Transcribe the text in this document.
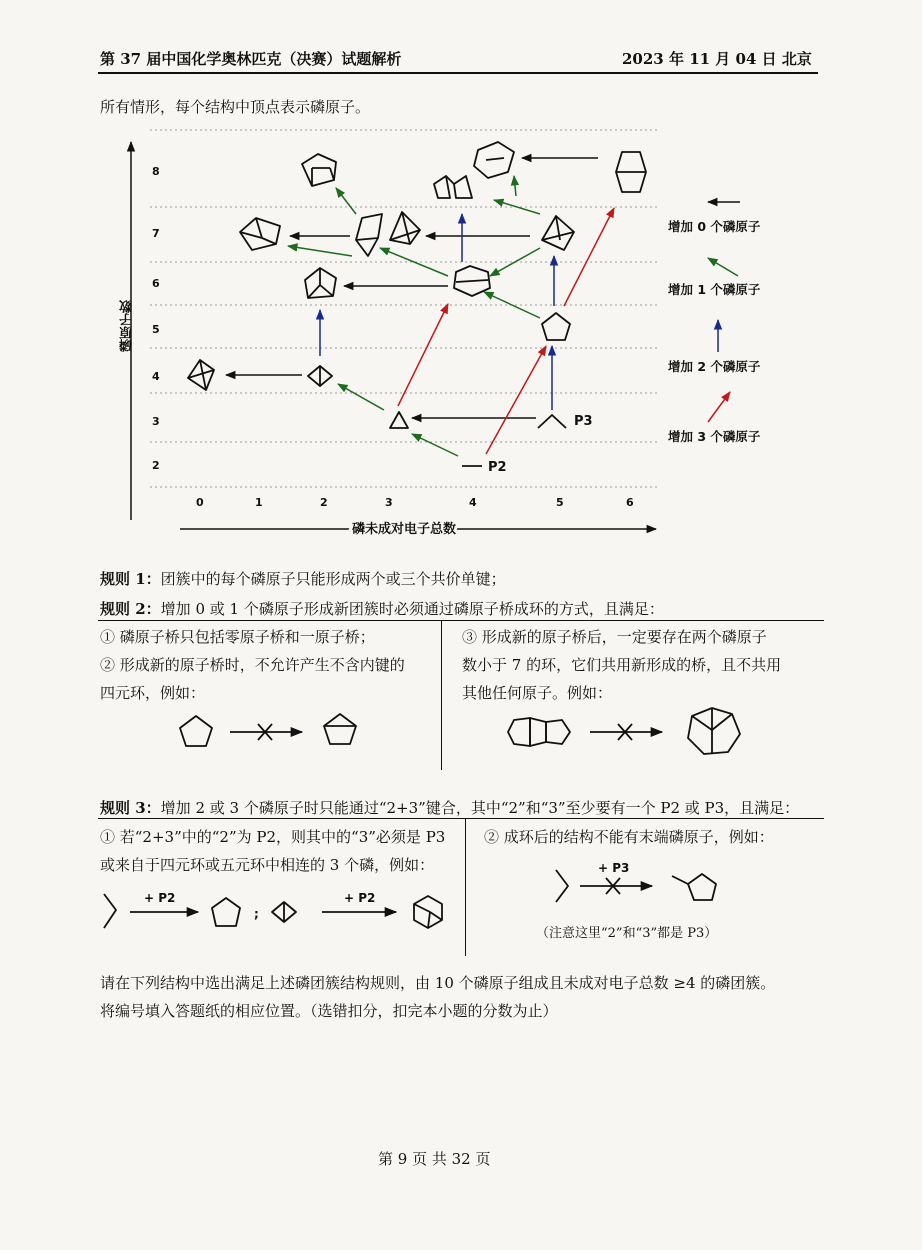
第 37 届中国化学奥林匹克（决赛）试题解析	2023 年 11 月 04 日 北京
所有情形，每个结构中顶点表示磷原子。
磷原子数
8
7
6
5
4
3
2
0	1	2	3	4	5	6
磷未成对电子总数
P2
P3
增加 0 个磷原子
增加 1 个磷原子
增加 2 个磷原子
增加 3 个磷原子
规则 1：团簇中的每个磷原子只能形成两个或三个共价单键；
规则 2：增加 0 或 1 个磷原子形成新团簇时必须通过磷原子桥成环的方式，且满足：
① 磷原子桥只包括零原子桥和一原子桥；
② 形成新的原子桥时，不允许产生不含内键的
四元环，例如：
③ 形成新的原子桥后，一定要存在两个磷原子
数小于 7 的环，它们共用新形成的桥，且不共用
其他任何原子。例如：
规则 3：增加 2 或 3 个磷原子时只能通过“2+3”键合，其中“2”和“3”至少要有一个 P2 或 P3，且满足：
① 若“2+3”中的“2”为 P2，则其中的“3”必须是 P3
或来自于四元环或五元环中相连的 3 个磷，例如：
② 成环后的结构不能有末端磷原子，例如：
+ P2
;
+ P2
+ P3
（注意这里“2”和“3”都是 P3）
请在下列结构中选出满足上述磷团簇结构规则，由 10 个磷原子组成且未成对电子总数 ≥4 的磷团簇。
将编号填入答题纸的相应位置。（选错扣分，扣完本小题的分数为止）
第 9 页 共 32 页
